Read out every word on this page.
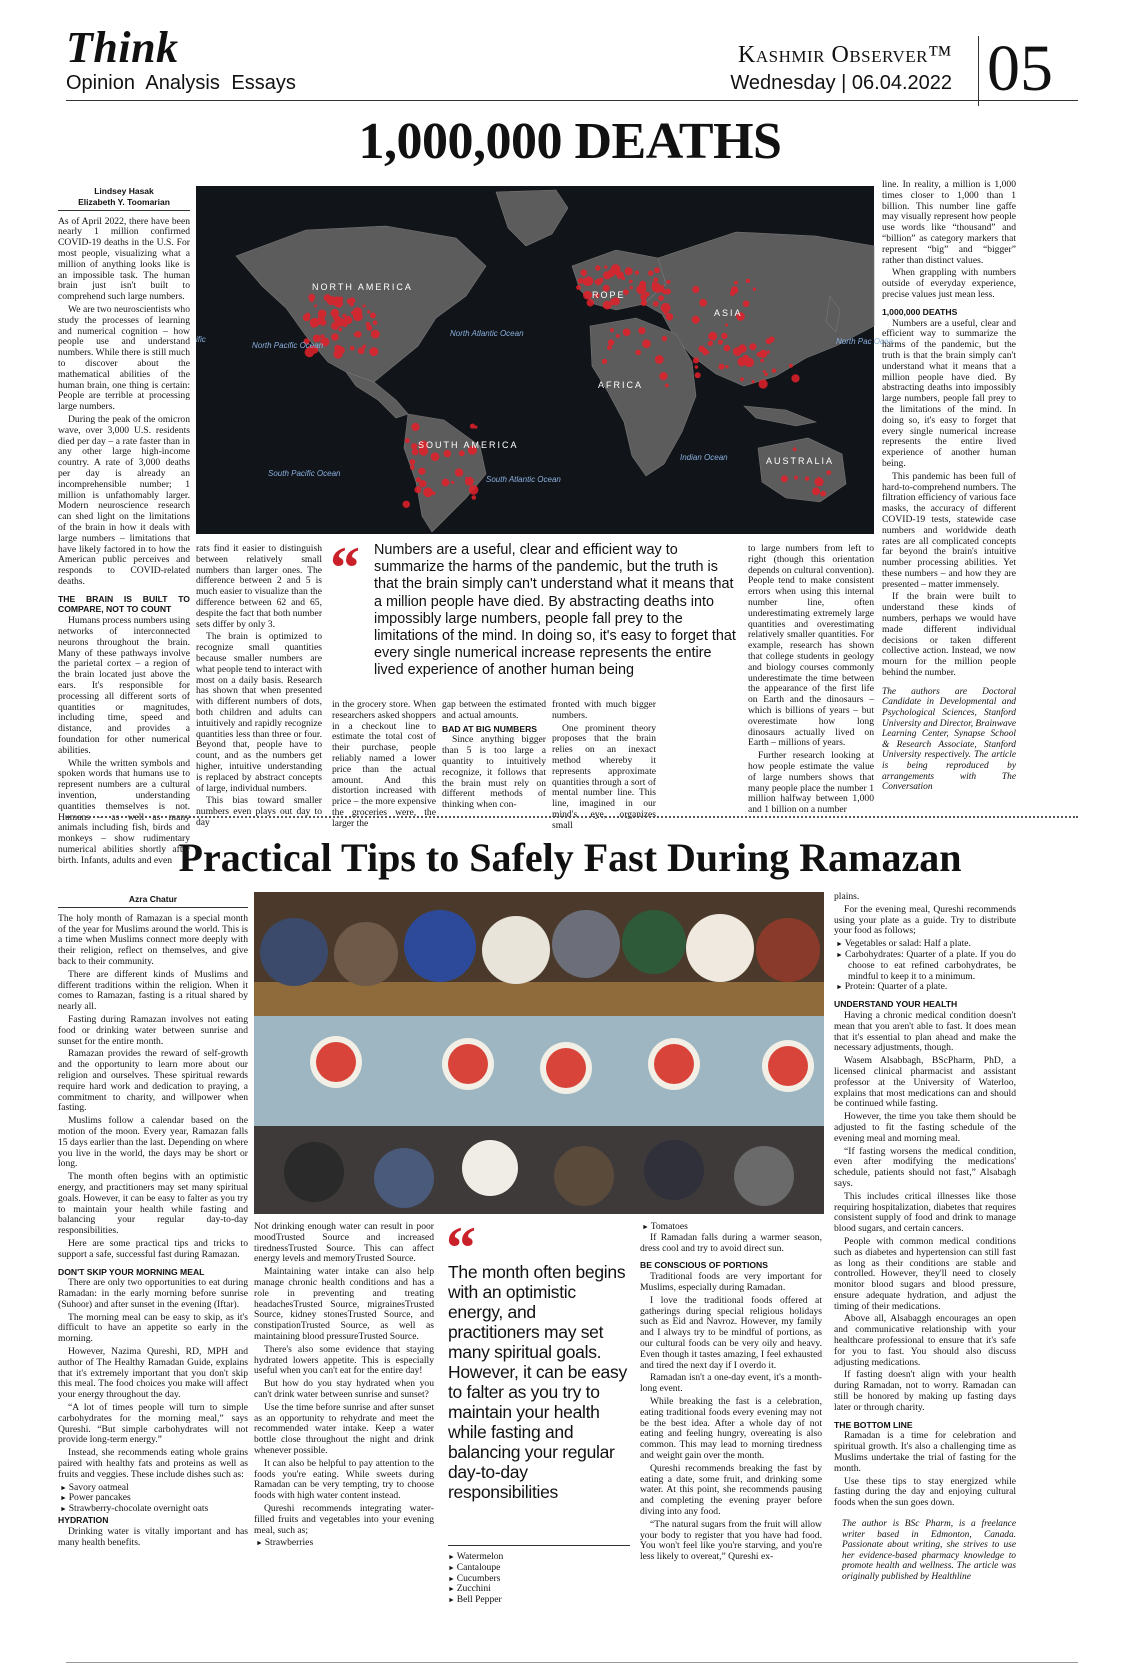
Think
Opinion Analysis Essays
Kashmir Observer™
Wednesday | 06.04.2022 05
1,000,000 DEATHS
Lindsey Hasak
Elizabeth Y. Toomarian

As of April 2022, there have been nearly 1 million confirmed COVID-19 deaths in the U.S. For most people, visualizing what a million of anything looks like is an impossible task. The human brain just isn't built to comprehend such large numbers.

We are two neuroscientists who study the processes of learning and numerical cognition – how people use and understand numbers. While there is still much to discover about the mathematical abilities of the human brain, one thing is certain: People are terrible at processing large numbers.

During the peak of the omicron wave, over 3,000 U.S. residents died per day – a rate faster than in any other large high-income country. A rate of 3,000 deaths per day is already an incomprehensible number; 1 million is unfathomably larger. Modern neuroscience research can shed light on the limitations of the brain in how it deals with large numbers – limitations that have likely factored in to how the American public perceives and responds to COVID-related deaths.

THE BRAIN IS BUILT TO COMPARE, NOT TO COUNT

Humans process numbers using networks of interconnected neurons throughout the brain. Many of these pathways involve the parietal cortex – a region of the brain located just above the ears. It's responsible for processing all different sorts of quantities or magnitudes, including time, speed and distance, and provides a foundation for other numerical abilities.

While the written symbols and spoken words that humans use to represent numbers are a cultural invention, understanding quantities themselves is not. Humans – as well as many animals including fish, birds and monkeys – show rudimentary numerical abilities shortly after birth. Infants, adults and even

NORTH AMERICA
SOUTH AMERICA
ROPE
ASIA
AFRICA
AUSTRALIA
North Pacific Ocean
North Atlantic Ocean
South Pacific Ocean
South Atlantic Ocean
Indian Ocean
North Pac Ocea
ific

rats find it easier to distinguish between relatively small numbers than larger ones. The difference between 2 and 5 is much easier to visualize than the difference between 62 and 65, despite the fact that both number sets differ by only 3.

The brain is optimized to recognize small quantities because smaller numbers are what people tend to interact with most on a daily basis. Research has shown that when presented with different numbers of dots, both children and adults can intuitively and rapidly recognize quantities less than three or four. Beyond that, people have to count, and as the numbers get higher, intuitive understanding is replaced by abstract concepts of large, individual numbers.

This bias toward smaller numbers even plays out day to day

“ Numbers are a useful, clear and efficient way to summarize the harms of the pandemic, but the truth is that the brain simply can't understand what it means that a million people have died. By abstracting deaths into impossibly large numbers, people fall prey to the limitations of the mind. In doing so, it's easy to forget that every single numerical increase represents the entire lived experience of another human being

in the grocery store. When researchers asked shoppers in a checkout line to estimate the total cost of their purchase, people reliably named a lower price than the actual amount. And this distortion increased with price – the more expensive the groceries were, the larger the

gap between the estimated and actual amounts.

BAD AT BIG NUMBERS

Since anything bigger than 5 is too large a quantity to intuitively recognize, it follows that the brain must rely on different methods of thinking when con-

fronted with much bigger numbers.

One prominent theory proposes that the brain relies on an inexact method whereby it represents approximate quantities through a sort of mental number line. This line, imagined in our mind's eye, organizes small

to large numbers from left to right (though this orientation depends on cultural convention). People tend to make consistent errors when using this internal number line, often underestimating extremely large quantities and overestimating relatively smaller quantities. For example, research has shown that college students in geology and biology courses commonly underestimate the time between the appearance of the first life on Earth and the dinosaurs – which is billions of years – but overestimate how long dinosaurs actually lived on Earth – millions of years.

Further research looking at how people estimate the value of large numbers shows that many people place the number 1 million halfway between 1,000 and 1 billion on a number

line. In reality, a million is 1,000 times closer to 1,000 than 1 billion. This number line gaffe may visually represent how people use words like “thousand” and “billion” as category markers that represent “big” and “bigger” rather than distinct values.

When grappling with numbers outside of everyday experience, precise values just mean less.

1,000,000 DEATHS

Numbers are a useful, clear and efficient way to summarize the harms of the pandemic, but the truth is that the brain simply can't understand what it means that a million people have died. By abstracting deaths into impossibly large numbers, people fall prey to the limitations of the mind. In doing so, it's easy to forget that every single numerical increase represents the entire lived experience of another human being.

This pandemic has been full of hard-to-comprehend numbers. The filtration efficiency of various face masks, the accuracy of different COVID-19 tests, statewide case numbers and worldwide death rates are all complicated concepts far beyond the brain's intuitive number processing abilities. Yet these numbers – and how they are presented – matter immensely.

If the brain were built to understand these kinds of numbers, perhaps we would have made different individual decisions or taken different collective action. Instead, we now mourn for the million people behind the number.

The authors are Doctoral Candidate in Developmental and Psychological Sciences, Stanford University and Director, Brainwave Learning Center, Synapse School & Research Associate, Stanford University respectively. The article is being reproduced by arrangements with The Conversation

Practical Tips to Safely Fast During Ramazan
Azra Chatur

The holy month of Ramazan is a special month of the year for Muslims around the world. This is a time when Muslims connect more deeply with their religion, reflect on themselves, and give back to their community.

There are different kinds of Muslims and different traditions within the religion. When it comes to Ramazan, fasting is a ritual shared by nearly all.

Fasting during Ramazan involves not eating food or drinking water between sunrise and sunset for the entire month.

Ramazan provides the reward of self-growth and the opportunity to learn more about our religion and ourselves. These spiritual rewards require hard work and dedication to praying, a commitment to charity, and willpower when fasting.

Muslims follow a calendar based on the motion of the moon. Every year, Ramazan falls 15 days earlier than the last. Depending on where you live in the world, the days may be short or long.

The month often begins with an optimistic energy, and practitioners may set many spiritual goals. However, it can be easy to falter as you try to maintain your health while fasting and balancing your regular day-to-day responsibilities.

Here are some practical tips and tricks to support a safe, successful fast during Ramazan.

DON'T SKIP YOUR MORNING MEAL

There are only two opportunities to eat during Ramadan: in the early morning before sunrise (Suhoor) and after sunset in the evening (Iftar).

The morning meal can be easy to skip, as it's difficult to have an appetite so early in the morning.

However, Nazima Qureshi, RD, MPH and author of The Healthy Ramadan Guide, explains that it's extremely important that you don't skip this meal. The food choices you make will affect your energy throughout the day.

“A lot of times people will turn to simple carbohydrates for the morning meal,” says Qureshi. “But simple carbohydrates will not provide long-term energy.”

Instead, she recommends eating whole grains paired with healthy fats and proteins as well as fruits and veggies. These include dishes such as:

► Savory oatmeal
► Power pancakes
► Strawberry-chocolate overnight oats
HYDRATION

Drinking water is vitally important and has many health benefits.

Not drinking enough water can result in poor moodTrusted Source and increased tirednessTrusted Source. This can affect energy levels and memoryTrusted Source.

Maintaining water intake can also help manage chronic health conditions and has a role in preventing and treating headachesTrusted Source, migrainesTrusted Source, kidney stonesTrusted Source, and constipationTrusted Source, as well as maintaining blood pressureTrusted Source.

There's also some evidence that staying hydrated lowers appetite. This is especially useful when you can't eat for the entire day!

But how do you stay hydrated when you can't drink water between sunrise and sunset?

Use the time before sunrise and after sunset as an opportunity to rehydrate and meet the recommended water intake. Keep a water bottle close throughout the night and drink whenever possible.

It can also be helpful to pay attention to the foods you're eating. While sweets during Ramadan can be very tempting, try to choose foods with high water content instead.

Qureshi recommends integrating water-filled fruits and vegetables into your evening meal, such as;

► Strawberries
“
The month often begins with an optimistic energy, and practitioners may set many spiritual goals. However, it can be easy to falter as you try to maintain your health while fasting and balancing your regular day-to-day responsibilities
► Watermelon
► Cantaloupe
► Cucumbers
► Zucchini
► Bell Pepper
► Tomatoes

If Ramadan falls during a warmer season, dress cool and try to avoid direct sun.

BE CONSCIOUS OF PORTIONS

Traditional foods are very important for Muslims, especially during Ramadan.

I love the traditional foods offered at gatherings during special religious holidays such as Eid and Navroz. However, my family and I always try to be mindful of portions, as our cultural foods can be very oily and heavy. Even though it tastes amazing, I feel exhausted and tired the next day if I overdo it.

Ramadan isn't a one-day event, it's a month-long event.

While breaking the fast is a celebration, eating traditional foods every evening may not be the best idea. After a whole day of not eating and feeling hungry, overeating is also common. This may lead to morning tiredness and weight gain over the month.

Qureshi recommends breaking the fast by eating a date, some fruit, and drinking some water. At this point, she recommends pausing and completing the evening prayer before diving into any food.

“The natural sugars from the fruit will allow your body to register that you have had food. You won't feel like you're starving, and you're less likely to overeat,” Qureshi ex-

plains.

For the evening meal, Qureshi recommends using your plate as a guide. Try to distribute your food as follows;

► Vegetables or salad: Half a plate.
► Carbohydrates: Quarter of a plate. If you do choose to eat refined carbohydrates, be mindful to keep it to a minimum.
► Protein: Quarter of a plate.
UNDERSTAND YOUR HEALTH

Having a chronic medical condition doesn't mean that you aren't able to fast. It does mean that it's essential to plan ahead and make the necessary adjustments, though.

Wasem Alsabbagh, BScPharm, PhD, a licensed clinical pharmacist and assistant professor at the University of Waterloo, explains that most medications can and should be continued while fasting.

However, the time you take them should be adjusted to fit the fasting schedule of the evening meal and morning meal.

“If fasting worsens the medical condition, even after modifying the medications' schedule, patients should not fast,” Alsabagh says.

This includes critical illnesses like those requiring hospitalization, diabetes that requires consistent supply of food and drink to manage blood sugars, and certain cancers.

People with common medical conditions such as diabetes and hypertension can still fast as long as their conditions are stable and controlled. However, they'll need to closely monitor blood sugars and blood pressure, ensure adequate hydration, and adjust the timing of their medications.

Above all, Alsabaggh encourages an open and communicative relationship with your healthcare professional to ensure that it's safe for you to fast. You should also discuss adjusting medications.

If fasting doesn't align with your health during Ramadan, not to worry. Ramadan can still be honored by making up fasting days later or through charity.

THE BOTTOM LINE

Ramadan is a time for celebration and spiritual growth. It's also a challenging time as Muslims undertake the trial of fasting for the month.

Use these tips to stay energized while fasting during the day and enjoying cultural foods when the sun goes down.

The author is BSc Pharm, is a freelance writer based in Edmonton, Canada. Passionate about writing, she strives to use her evidence-based pharmacy knowledge to promote health and wellness. The article was originally published by Healthline
